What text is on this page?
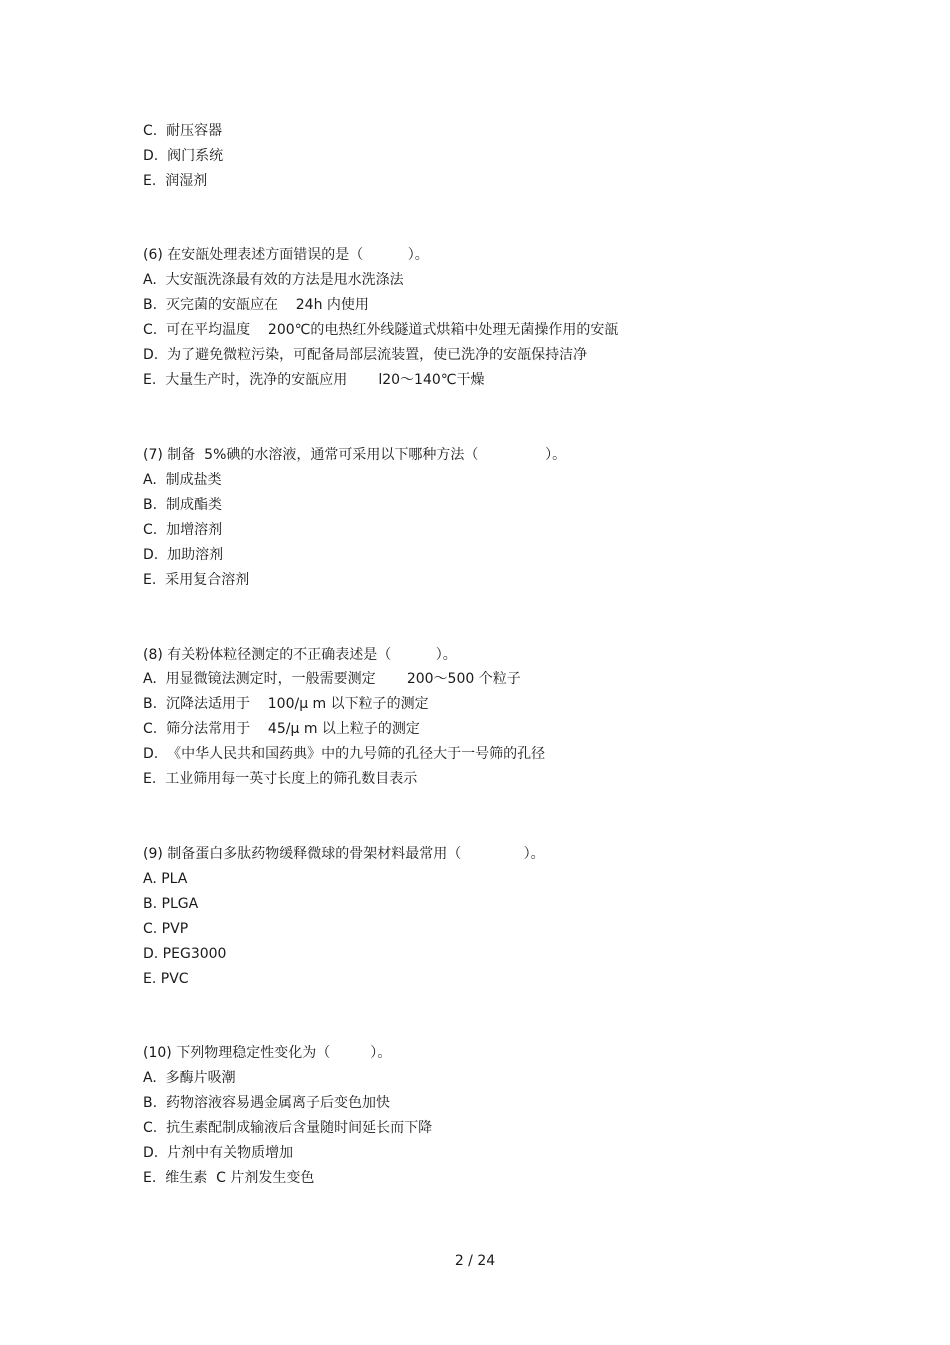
C.  耐压容器
D.  阀门系统
E.  润湿剂
(6) 在安瓿处理表述方面错误的是（          ）。
A.  大安瓿洗涤最有效的方法是甩水洗涤法
B.  灭完菌的安瓿应在    24h 内使用
C.  可在平均温度    200℃的电热红外线隧道式烘箱中处理无菌操作用的安瓿
D.  为了避免微粒污染，可配备局部层流装置，使已洗净的安瓿保持洁净
E.  大量生产时，洗净的安瓿应用       l20～140℃干燥
(7) 制备  5%碘的水溶液，通常可采用以下哪种方法（               ）。
A.  制成盐类
B.  制成酯类
C.  加增溶剂
D.  加助溶剂
E.  采用复合溶剂
(8) 有关粉体粒径测定的不正确表述是（          ）。
A.  用显微镜法测定时，一般需要测定       200～500 个粒子
B.  沉降法适用于    100/μ m 以下粒子的测定
C.  筛分法常用于    45/μ m 以上粒子的测定
D.  《中华人民共和国药典》中的九号筛的孔径大于一号筛的孔径
E.  工业筛用每一英寸长度上的筛孔数目表示
(9) 制备蛋白多肽药物缓释微球的骨架材料最常用（              ）。
A. PLA
B. PLGA
C. PVP
D. PEG3000
E. PVC
(10) 下列物理稳定性变化为（         ）。
A.  多酶片吸潮
B.  药物溶液容易遇金属离子后变色加快
C.  抗生素配制成输液后含量随时间延长而下降
D.  片剂中有关物质增加
E.  维生素  C 片剂发生变色
2 / 24
